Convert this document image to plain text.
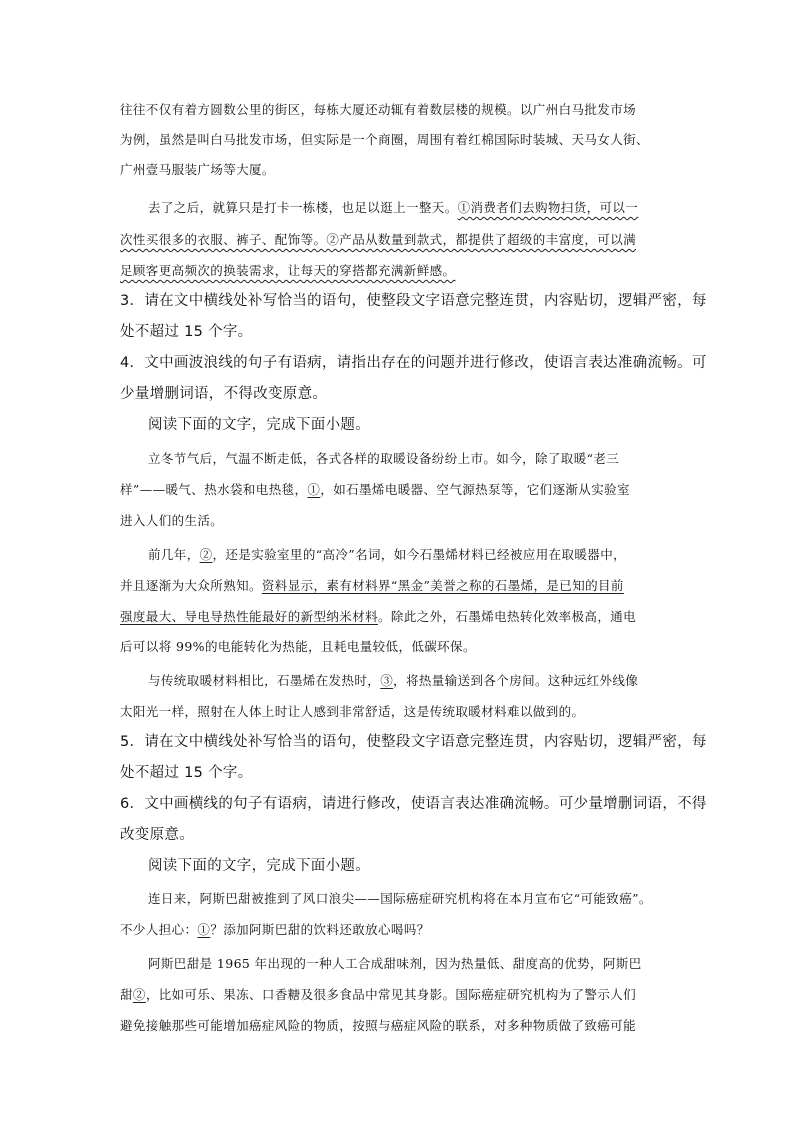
往往不仅有着方圆数公里的街区，每栋大厦还动辄有着数层楼的规模。以广州白马批发市场
为例，虽然是叫白马批发市场，但实际是一个商圈，周围有着红棉国际时装城、天马女人街、
广州壹马服装广场等大厦。
去了之后，就算只是打卡一栋楼，也足以逛上一整天。①消费者们去购物扫货，可以一
次性买很多的衣服、裤子、配饰等。②产品从数量到款式，都提供了超级的丰富度，可以满
足顾客更高频次的换装需求，让每天的穿搭都充满新鲜感。
3．请在文中横线处补写恰当的语句，使整段文字语意完整连贯，内容贴切，逻辑严密，每
处不超过 15 个字。
4．文中画波浪线的句子有语病，请指出存在的问题并进行修改，使语言表达准确流畅。可
少量增删词语，不得改变原意。
阅读下面的文字，完成下面小题。
立冬节气后，气温不断走低，各式各样的取暖设备纷纷上市。如今，除了取暖“老三
样”——暖气、热水袋和电热毯，①，如石墨烯电暖器、空气源热泵等，它们逐渐从实验室
进入人们的生活。
前几年，②，还是实验室里的“高冷”名词，如今石墨烯材料已经被应用在取暖器中，
并且逐渐为大众所熟知。资料显示，素有材料界“黑金”美誉之称的石墨烯，是已知的目前
强度最大、导电导热性能最好的新型纳米材料。除此之外，石墨烯电热转化效率极高，通电
后可以将 99%的电能转化为热能，且耗电量较低，低碳环保。
与传统取暖材料相比，石墨烯在发热时，③，将热量输送到各个房间。这种远红外线像
太阳光一样，照射在人体上时让人感到非常舒适，这是传统取暖材料难以做到的。
5．请在文中横线处补写恰当的语句，使整段文字语意完整连贯，内容贴切，逻辑严密，每
处不超过 15 个字。
6．文中画横线的句子有语病，请进行修改，使语言表达准确流畅。可少量增删词语，不得
改变原意。
阅读下面的文字，完成下面小题。
连日来，阿斯巴甜被推到了风口浪尖——国际癌症研究机构将在本月宣布它“可能致癌”。
不少人担心：①？添加阿斯巴甜的饮料还敢放心喝吗？
阿斯巴甜是 1965 年出现的一种人工合成甜味剂，因为热量低、甜度高的优势，阿斯巴
甜②，比如可乐、果冻、口香糖及很多食品中常见其身影。国际癌症研究机构为了警示人们
避免接触那些可能增加癌症风险的物质，按照与癌症风险的联系，对多种物质做了致癌可能
